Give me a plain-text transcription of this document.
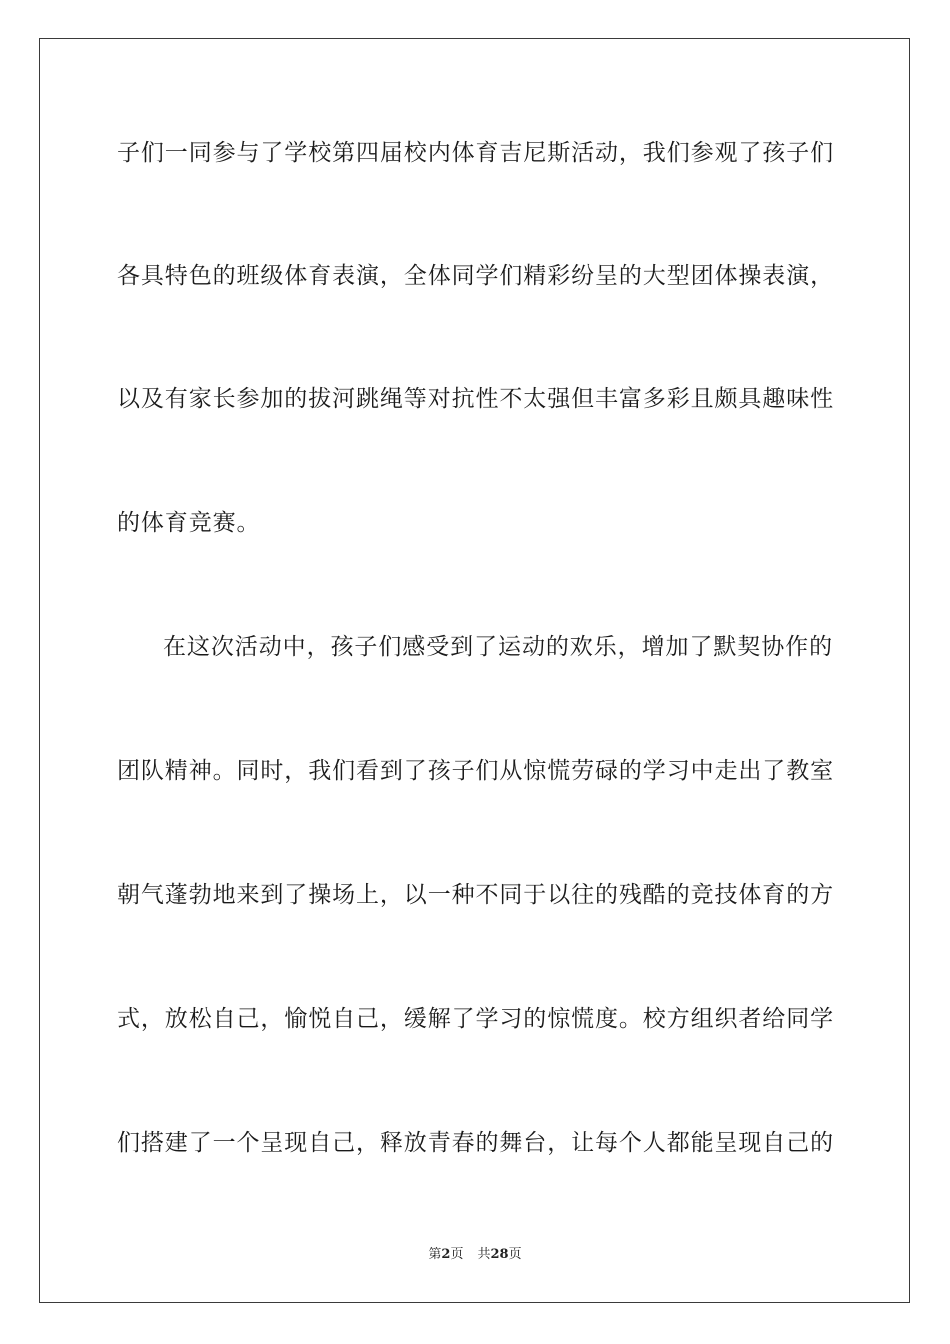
子们一同参与了学校第四届校内体育吉尼斯活动，我们参观了孩子们
各具特色的班级体育表演，全体同学们精彩纷呈的大型团体操表演，
以及有家长参加的拔河跳绳等对抗性不太强但丰富多彩且颇具趣味性
的体育竞赛。
在这次活动中，孩子们感受到了运动的欢乐，增加了默契协作的
团队精神。同时，我们看到了孩子们从惊慌劳碌的学习中走出了教室
朝气蓬勃地来到了操场上，以一种不同于以往的残酷的竞技体育的方
式，放松自己，愉悦自己，缓解了学习的惊慌度。校方组织者给同学
们搭建了一个呈现自己，释放青春的舞台，让每个人都能呈现自己的
第2页 共28页
